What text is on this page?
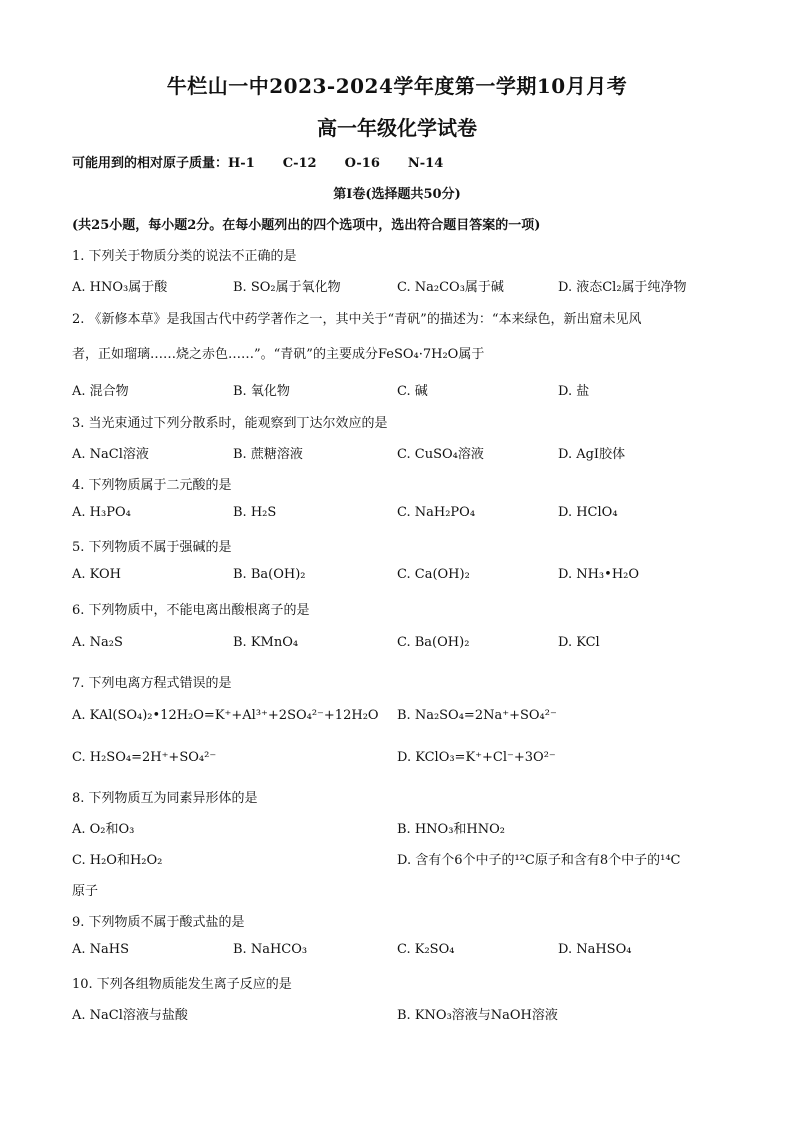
牛栏山一中2023-2024学年度第一学期10月月考
高一年级化学试卷
可能用到的相对原子质量：H-1 C-12 O-16 N-14
第Ⅰ卷(选择题共50分)
(共25小题，每小题2分。在每小题列出的四个选项中，选出符合题目答案的一项)
1. 下列关于物质分类的说法不正确的是
A. HNO₃属于酸	B. SO₂属于氧化物	C. Na₂CO₃属于碱	D. 液态Cl₂属于纯净物
2. 《新修本草》是我国古代中药学著作之一，其中关于“青矾”的描述为：“本来绿色，新出窟未见风
者，正如瑠璃……烧之赤色……”。“青矾”的主要成分FeSO₄·7H₂O属于
A. 混合物	B. 氧化物	C. 碱	D. 盐
3. 当光束通过下列分散系时，能观察到丁达尔效应的是
A. NaCl溶液	B. 蔗糖溶液	C. CuSO₄溶液	D. AgI胶体
4. 下列物质属于二元酸的是
A. H₃PO₄	B. H₂S	C. NaH₂PO₄	D. HClO₄
5. 下列物质不属于强碱的是
A. KOH	B. Ba(OH)₂	C. Ca(OH)₂	D. NH₃•H₂O
6. 下列物质中，不能电离出酸根离子的是
A. Na₂S	B. KMnO₄	C. Ba(OH)₂	D. KCl
7. 下列电离方程式错误的是
A. KAl(SO₄)₂•12H₂O=K⁺+Al³⁺+2SO₄²⁻+12H₂O B. Na₂SO₄=2Na⁺+SO₄²⁻
C. H₂SO₄=2H⁺+SO₄²⁻	D. KClO₃=K⁺+Cl⁻+3O²⁻
8. 下列物质互为同素异形体的是
A. O₂和O₃	B. HNO₃和HNO₂
C. H₂O和H₂O₂	D. 含有个6个中子的¹²C原子和含有8个中子的¹⁴C
原子
9. 下列物质不属于酸式盐的是
A. NaHS	B. NaHCO₃	C. K₂SO₄	D. NaHSO₄
10. 下列各组物质能发生离子反应的是
A. NaCl溶液与盐酸	B. KNO₃溶液与NaOH溶液
